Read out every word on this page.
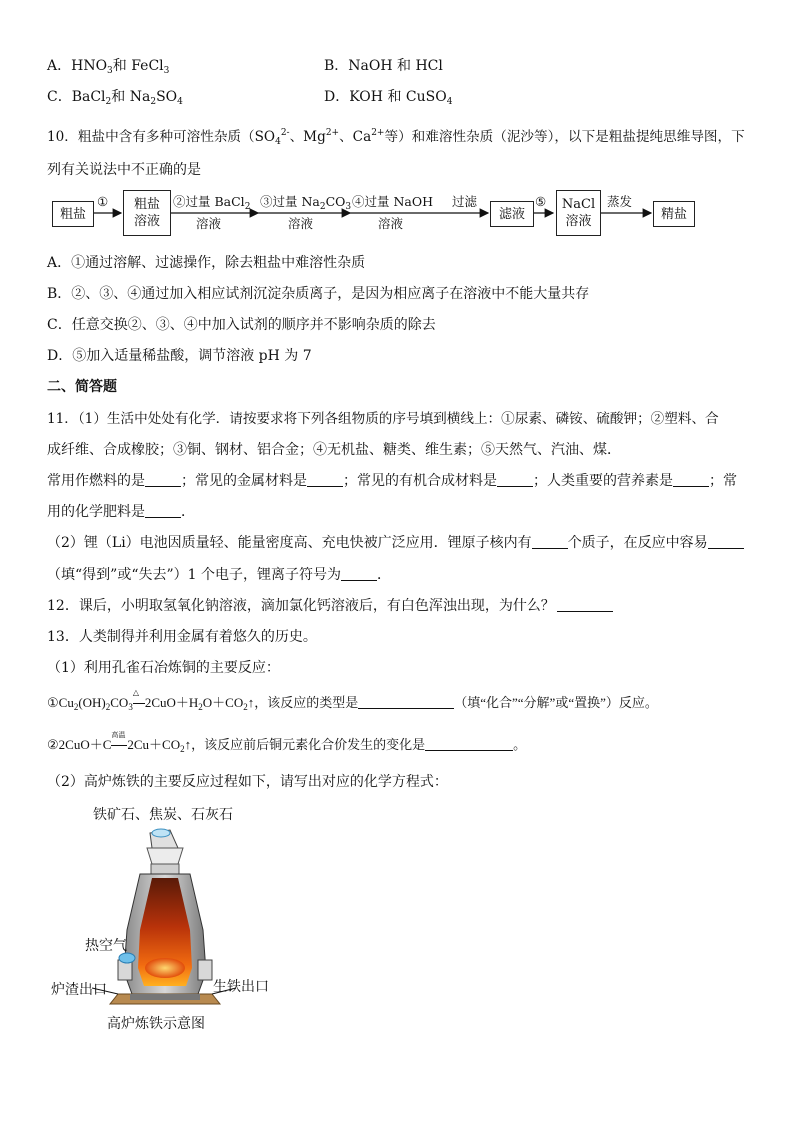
A．$HNO_3$和 FeCl$_3$	B．NaOH 和 HCl
C．BaCl$_2$和 $Na_2SO_4$	D．KOH 和 CuSO$_4$
10．粗盐中含有多种可溶性杂质（$SO_4^{2-}$、$Mg^{2+}$、$Ca^{2+}$等）和难溶性杂质（泥沙等），以下是粗盐提纯思维导图，下
列有关说法中不正确的是
粗盐
① 粗盐
溶液
②过量 BaCl$_2$
溶液
③过量 $Na_2CO_3$
溶液
④过量 NaOH
溶液
过滤
滤液
⑤ NaCl
溶液
蒸发
精盐
A．①通过溶解、过滤操作，除去粗盐中难溶性杂质
B．②、③、④通过加入相应试剂沉淀杂质离子，是因为相应离子在溶液中不能大量共存
C．任意交换②、③、④中加入试剂的顺序并不影响杂质的除去
D．⑤加入适量稀盐酸，调节溶液 pH 为 7
二、简答题
11．（1）生活中处处有化学．请按要求将下列各组物质的序号填到横线上：①尿素、磷铵、硫酸钾；②塑料、合
成纤维、合成橡胶；③铜、钢材、铝合金；④无机盐、糖类、维生素；⑤天然气、汽油、煤．
常用作燃料的是	；常见的金属材料是	；常见的有机合成材料是	；人类重要的营养素是	；常
用的化学肥料是	．
（2）锂（Li）电池因质量轻、能量密度高、充电快被广泛应用．锂原子核内有	个质子，在反应中容易
（填“得到”或“失去”）1 个电子，锂离子符号为	．
12．课后，小明取氢氧化钠溶液，滴加氯化钙溶液后，有白色浑浊出现，为什么？
13．人类制得并利用金属有着悠久的历史。
（1）利用孔雀石冶炼铜的主要反应：
$①Cu_2(OH)_2CO_3$
△
$2CuO+H_2O+CO_2↑$，该反应的类型是	（填“化合”“分解”或“置换”）反应。
②2CuO＋C
高温
$2Cu+CO_2↑$，该反应前后铜元素化合价发生的变化是	。
（2）高炉炼铁的主要反应过程如下，请写出对应的化学方程式：
铁矿石、焦炭、石灰石
热空气
炉渣出口	生铁出口
高炉炼铁示意图
